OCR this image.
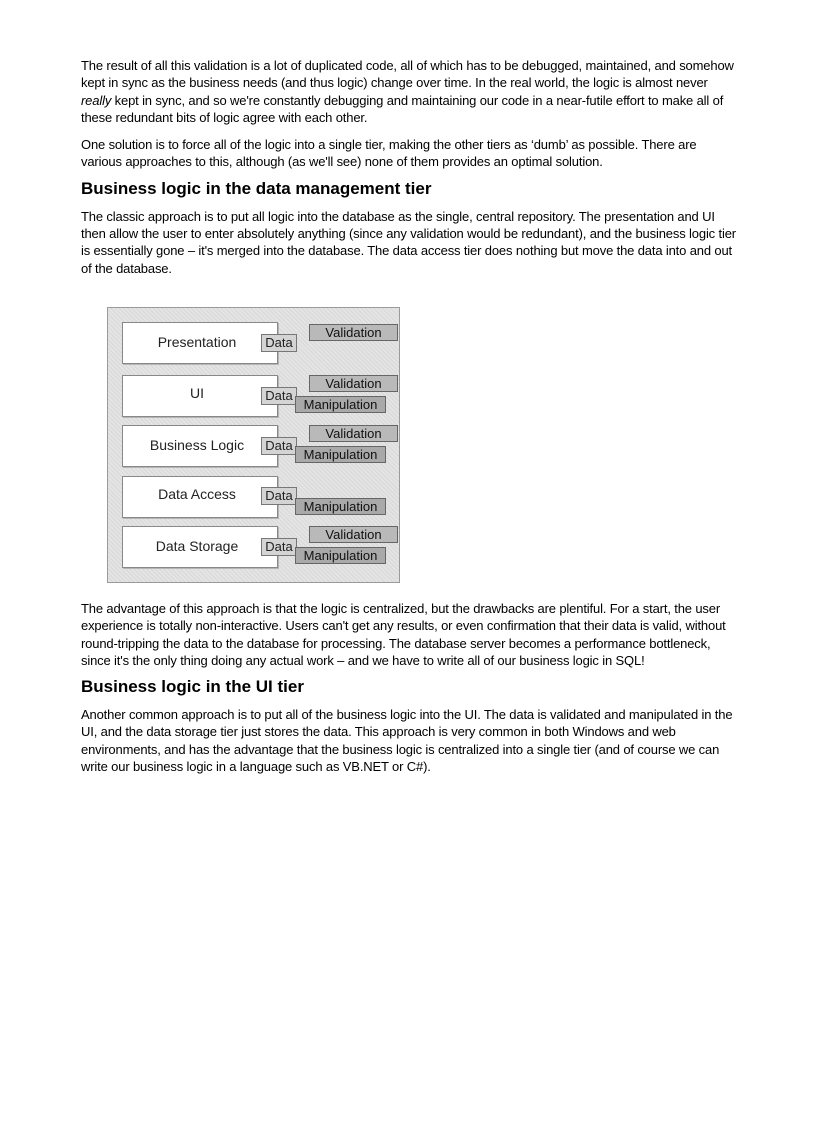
The result of all this validation is a lot of duplicated code, all of which has to be debugged, maintained, and somehow kept in sync as the business needs (and thus logic) change over time. In the real world, the logic is almost never really kept in sync, and so we're constantly debugging and maintaining our code in a near-futile effort to make all of these redundant bits of logic agree with each other.

One solution is to force all of the logic into a single tier, making the other tiers as ‘dumb’ as possible. There are various approaches to this, although (as we'll see) none of them provides an optimal solution.

Business logic in the data management tier

The classic approach is to put all logic into the database as the single, central repository. The presentation and UI then allow the user to enter absolutely anything (since any validation would be redundant), and the business logic tier is essentially gone – it's merged into the database. The data access tier does nothing but move the data into and out of the database.

Presentation	Data
Validation
UI	Data
Validation
Manipulation
Business Logic	Data
Validation
Manipulation
Data Access	Data
Manipulation
Data Storage	Data
Validation
Manipulation

The advantage of this approach is that the logic is centralized, but the drawbacks are plentiful. For a start, the user experience is totally non-interactive. Users can't get any results, or even confirmation that their data is valid, without round-tripping the data to the database for processing. The database server becomes a performance bottleneck, since it's the only thing doing any actual work – and we have to write all of our business logic in SQL!

Business logic in the UI tier

Another common approach is to put all of the business logic into the UI. The data is validated and manipulated in the UI, and the data storage tier just stores the data. This approach is very common in both Windows and web environments, and has the advantage that the business logic is centralized into a single tier (and of course we can write our business logic in a language such as VB.NET or C#).
